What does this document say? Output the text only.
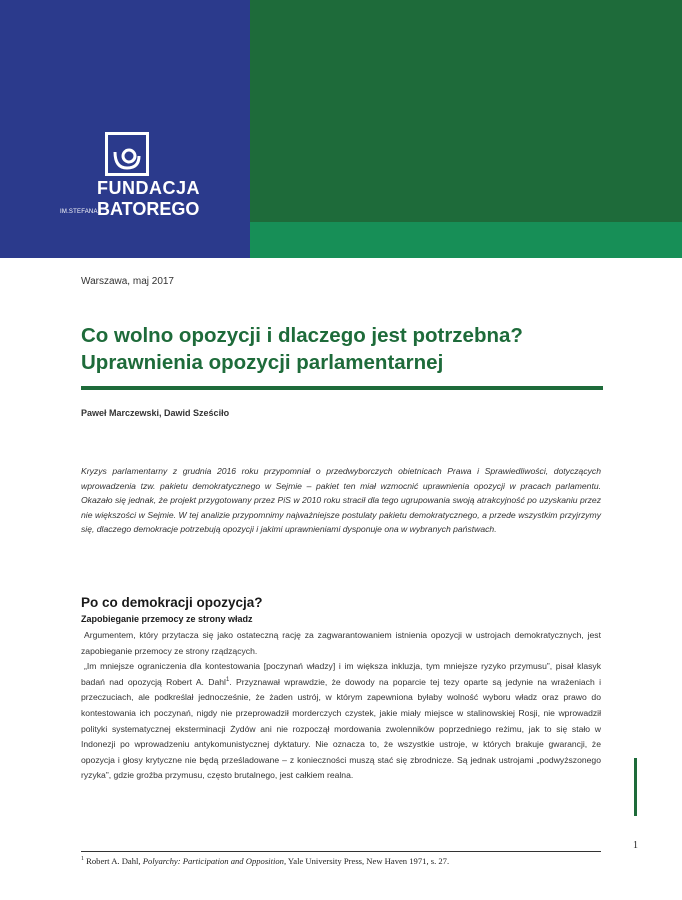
FUNDACJA
IM.STEFANA BATOREGO
Warszawa, maj 2017
Co wolno opozycji i dlaczego jest potrzebna?
Uprawnienia opozycji parlamentarnej
Paweł Marczewski, Dawid Sześciło
Kryzys parlamentarny z grudnia 2016 roku przypomniał o przedwyborczych obietnicach Prawa i Sprawiedliwości, dotyczących wprowadzenia tzw. pakietu demokratycznego w Sejmie – pakiet ten miał wzmocnić uprawnienia opozycji w pracach parlamentu. Okazało się jednak, że projekt przygotowany przez PiS w 2010 roku stracił dla tego ugrupowania swoją atrakcyjność po uzyskaniu przez nie większości w Sejmie. W tej analizie przypomnimy najważniejsze postulaty pakietu demokratycznego, a przede wszystkim przyjrzymy się, dlaczego demokracje potrzebują opozycji i jakimi uprawnieniami dysponuje ona w wybranych państwach.
Po co demokracji opozycja?
Zapobieganie przemocy ze strony władz

Argumentem, który przytacza się jako ostateczną rację za zagwarantowaniem istnienia opozycji w ustrojach demokratycznych, jest zapobieganie przemocy ze strony rządzących.

„Im mniejsze ograniczenia dla kontestowania [poczynań władzy] i im większa inkluzja, tym mniejsze ryzyko przymusu”, pisał klasyk badań nad opozycją Robert A. Dahl$^1$. Przyznawał wprawdzie, że dowody na poparcie tej tezy oparte są jedynie na wrażeniach i przeczuciach, ale podkreślał jednocześnie, że żaden ustrój, w którym zapewniona byłaby wolność wyboru władz oraz prawo do kontestowania ich poczynań, nigdy nie przeprowadził morderczych czystek, jakie miały miejsce w stalinowskiej Rosji, nie wprowadził polityki systematycznej eksterminacji Żydów ani nie rozpoczął mordowania zwolenników poprzedniego reżimu, jak to się stało w Indonezji po wprowadzeniu antykomunistycznej dyktatury. Nie oznacza to, że wszystkie ustroje, w których brakuje gwarancji, że opozycja i głosy krytyczne nie będą prześladowane – z konieczności muszą stać się zbrodnicze. Są jednak ustrojami „podwyższonego ryzyka”, gdzie groźba przymusu, często brutalnego, jest całkiem realna.

1
$^1$ Robert A. Dahl, Polyarchy: Participation and Opposition, Yale University Press, New Haven 1971, s. 27.
